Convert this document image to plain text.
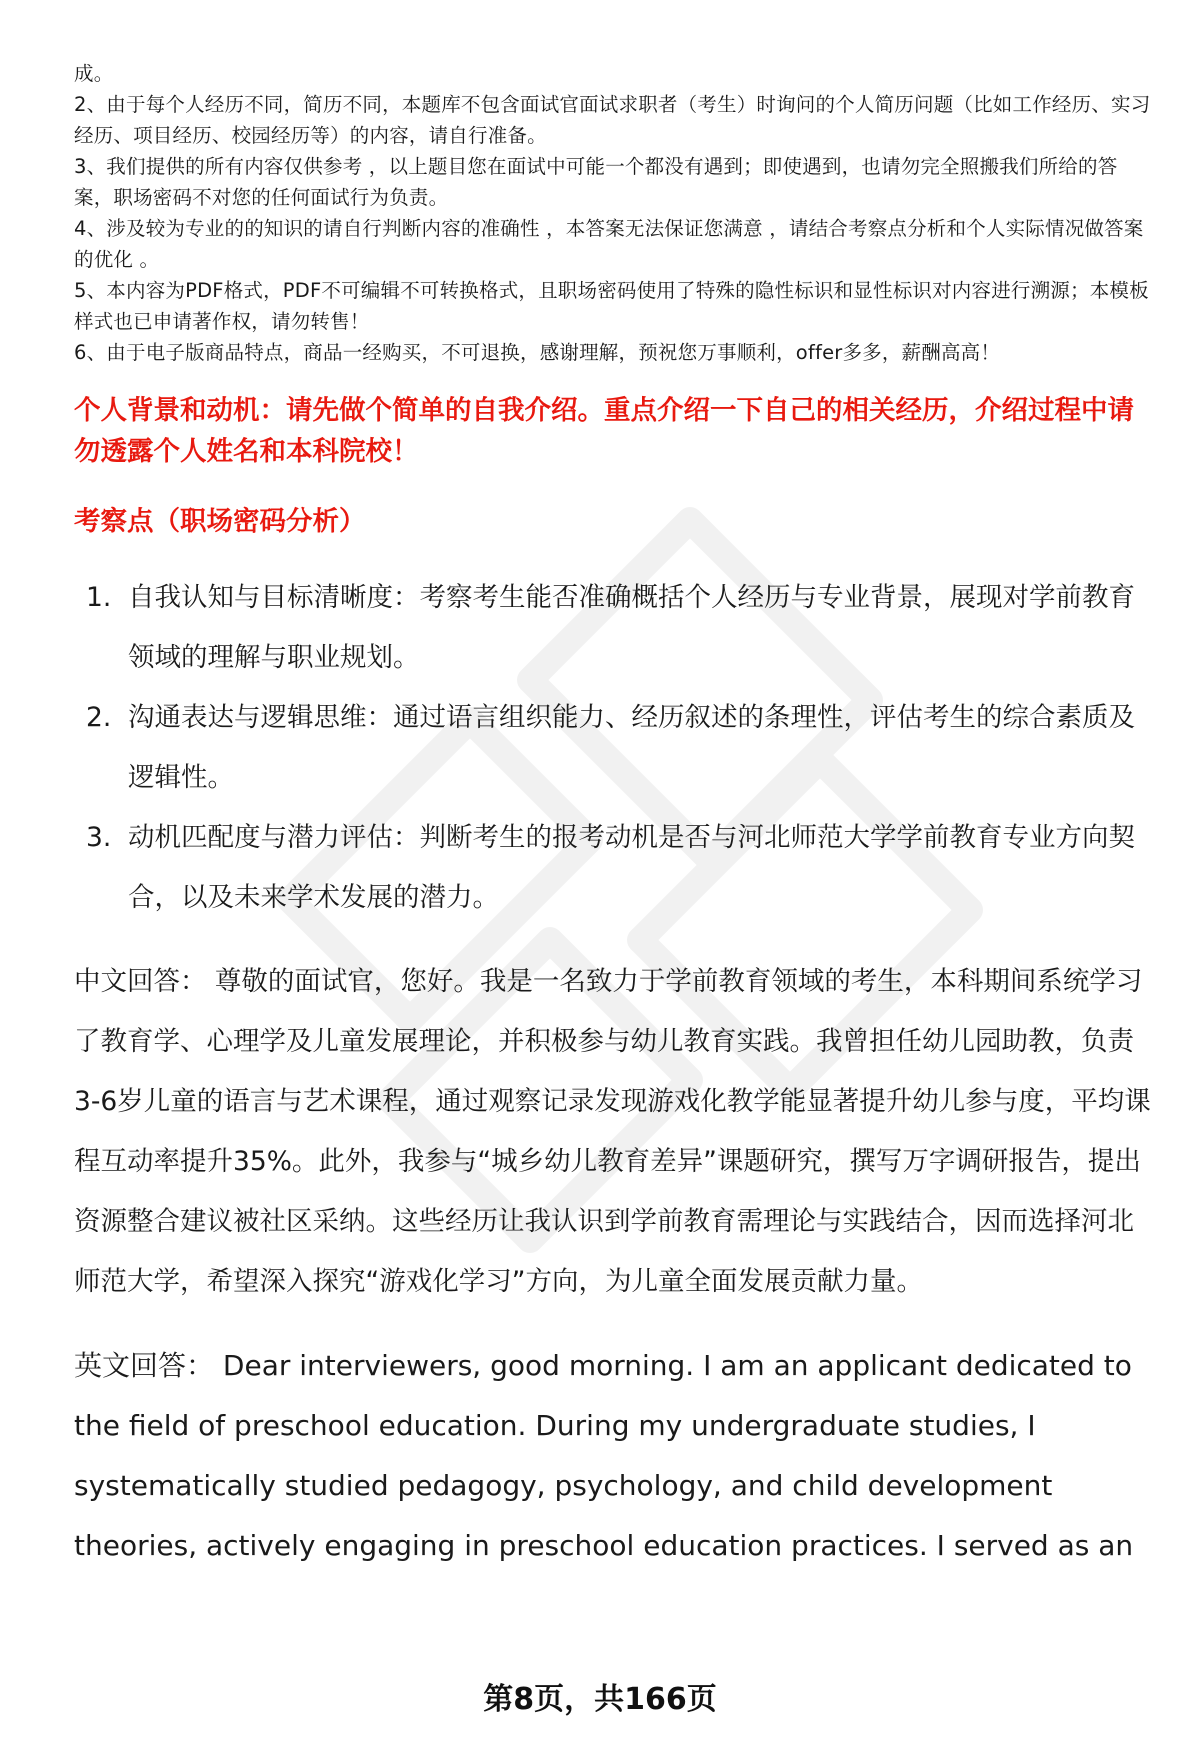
成。

2、由于每个人经历不同，简历不同，本题库不包含面试官面试求职者（考生）时询问的个人简历问题（比如工作经历、实习经历、项目经历、校园经历等）的内容，请自行准备。

3、我们提供的所有内容仅供参考 ，以上题目您在面试中可能一个都没有遇到；即使遇到，也请勿完全照搬我们所给的答案，职场密码不对您的任何面试行为负责。

4、涉及较为专业的的知识的请自行判断内容的准确性 ，本答案无法保证您满意 ，请结合考察点分析和个人实际情况做答案的优化 。

5、本内容为PDF格式，PDF不可编辑不可转换格式，且职场密码使用了特殊的隐性标识和显性标识对内容进行溯源；本模板样式也已申请著作权，请勿转售！

6、由于电子版商品特点，商品一经购买，不可退换，感谢理解，预祝您万事顺利，offer多多，薪酬高高！

个人背景和动机：请先做个简单的自我介绍。重点介绍一下自己的相关经历，介绍过程中请勿透露个人姓名和本科院校！

考察点（职场密码分析）

1. 自我认知与目标清晰度：考察考生能否准确概括个人经历与专业背景，展现对学前教育领域的理解与职业规划。
2. 沟通表达与逻辑思维：通过语言组织能力、经历叙述的条理性，评估考生的综合素质及逻辑性。
3. 动机匹配度与潜力评估：判断考生的报考动机是否与河北师范大学学前教育专业方向契合，以及未来学术发展的潜力。

中文回答： 尊敬的面试官，您好。我是一名致力于学前教育领域的考生，本科期间系统学习了教育学、心理学及儿童发展理论，并积极参与幼儿教育实践。我曾担任幼儿园助教，负责3-6岁儿童的语言与艺术课程，通过观察记录发现游戏化教学能显著提升幼儿参与度，平均课程互动率提升35%。此外，我参与“城乡幼儿教育差异”课题研究，撰写万字调研报告，提出资源整合建议被社区采纳。这些经历让我认识到学前教育需理论与实践结合，因而选择河北师范大学，希望深入探究“游戏化学习”方向，为儿童全面发展贡献力量。

英文回答： Dear interviewers, good morning. I am an applicant dedicated to the field of preschool education. During my undergraduate studies, I systematically studied pedagogy, psychology, and child development theories, actively engaging in preschool education practices. I served as an

第8页，共166页
